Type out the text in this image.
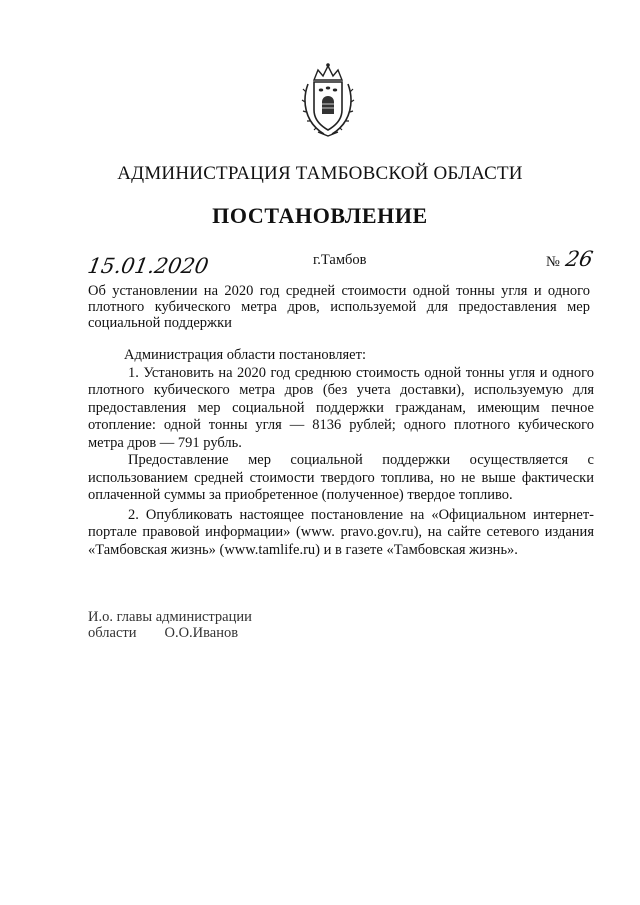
АДМИНИСТРАЦИЯ ТАМБОВСКОЙ ОБЛАСТИ
ПОСТАНОВЛЕНИЕ
15.01.2020	г.Тамбов	№ 26
Об установлении на 2020 год средней стоимости одной тонны угля и одного плотного кубического метра дров, используемой для предоставления мер социальной поддержки

Администрация области постановляет:

1. Установить на 2020 год среднюю стоимость одной тонны угля и одного плотного кубического метра дров (без учета доставки), используемую для предоставления мер социальной поддержки гражданам, имеющим печное отопление: одной тонны угля — 8136 рублей; одного плотного кубического метра дров — 791 рубль.

Предоставление мер социальной поддержки осуществляется с использованием средней стоимости твердого топлива, но не выше фактически оплаченной суммы за приобретенное (полученное) твердое топливо.

2. Опубликовать настоящее постановление на «Официальном интернет-портале правовой информации» (www. pravo.gov.ru), на сайте сетевого издания «Тамбовская жизнь» (www.tamlife.ru) и в газете «Тамбовская жизнь».

И.о. главы администрации
области О.О.Иванов
